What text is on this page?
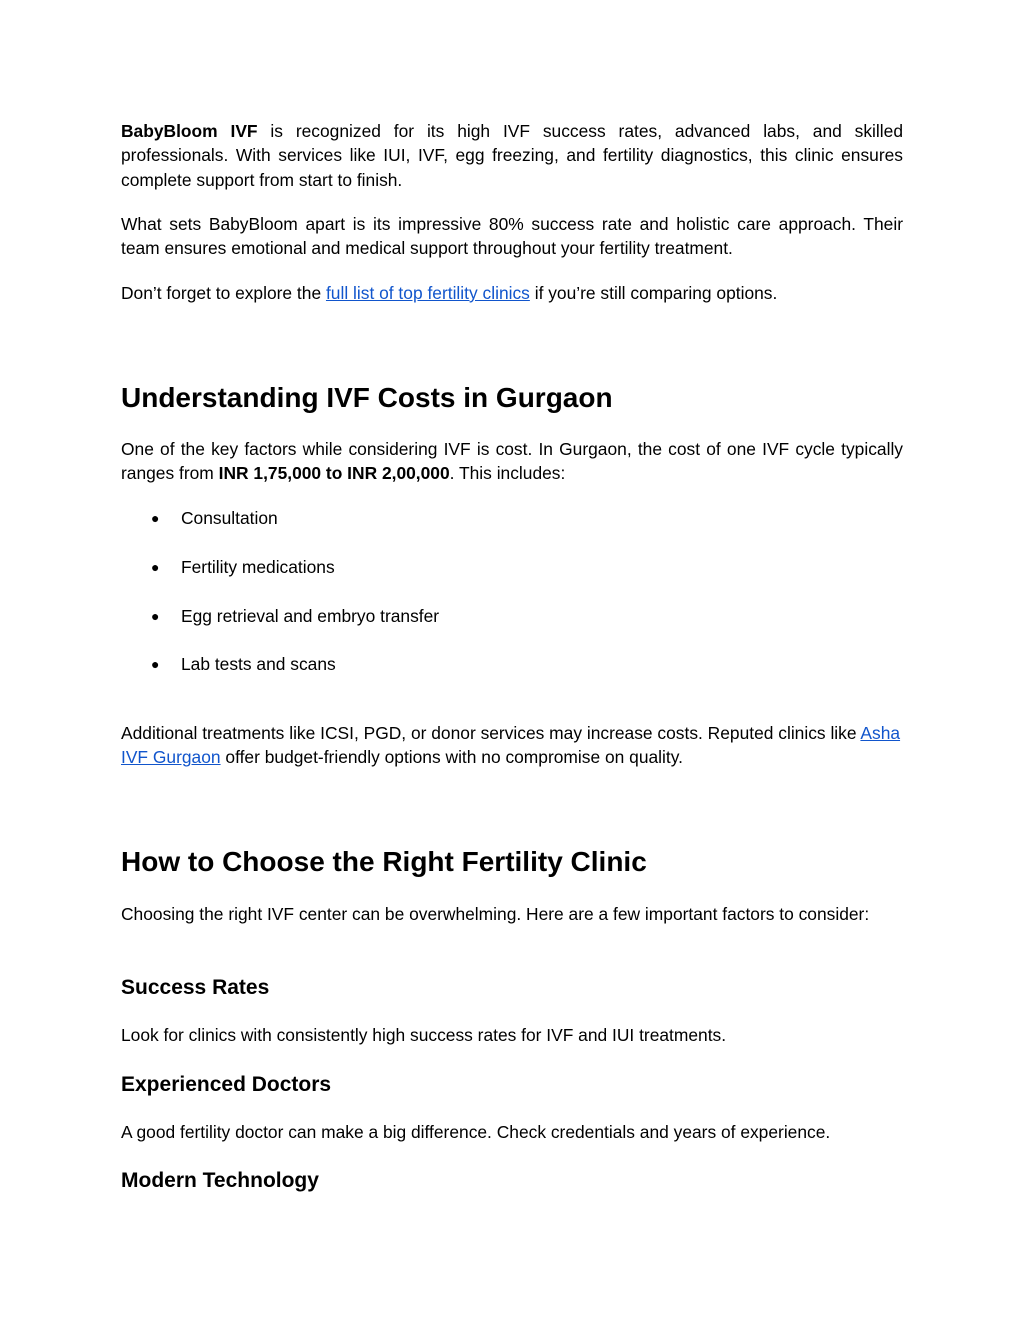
BabyBloom IVF is recognized for its high IVF success rates, advanced labs, and skilled professionals. With services like IUI, IVF, egg freezing, and fertility diagnostics, this clinic ensures complete support from start to finish.

What sets BabyBloom apart is its impressive 80% success rate and holistic care approach. Their team ensures emotional and medical support throughout your fertility treatment.

Don’t forget to explore the full list of top fertility clinics if you’re still comparing options.

Understanding IVF Costs in Gurgaon

One of the key factors while considering IVF is cost. In Gurgaon, the cost of one IVF cycle typically ranges from INR 1,75,000 to INR 2,00,000. This includes:

● Consultation
● Fertility medications
● Egg retrieval and embryo transfer
● Lab tests and scans

Additional treatments like ICSI, PGD, or donor services may increase costs. Reputed clinics like Asha IVF Gurgaon offer budget-friendly options with no compromise on quality.

How to Choose the Right Fertility Clinic

Choosing the right IVF center can be overwhelming. Here are a few important factors to consider:

Success Rates

Look for clinics with consistently high success rates for IVF and IUI treatments.

Experienced Doctors

A good fertility doctor can make a big difference. Check credentials and years of experience.

Modern Technology
